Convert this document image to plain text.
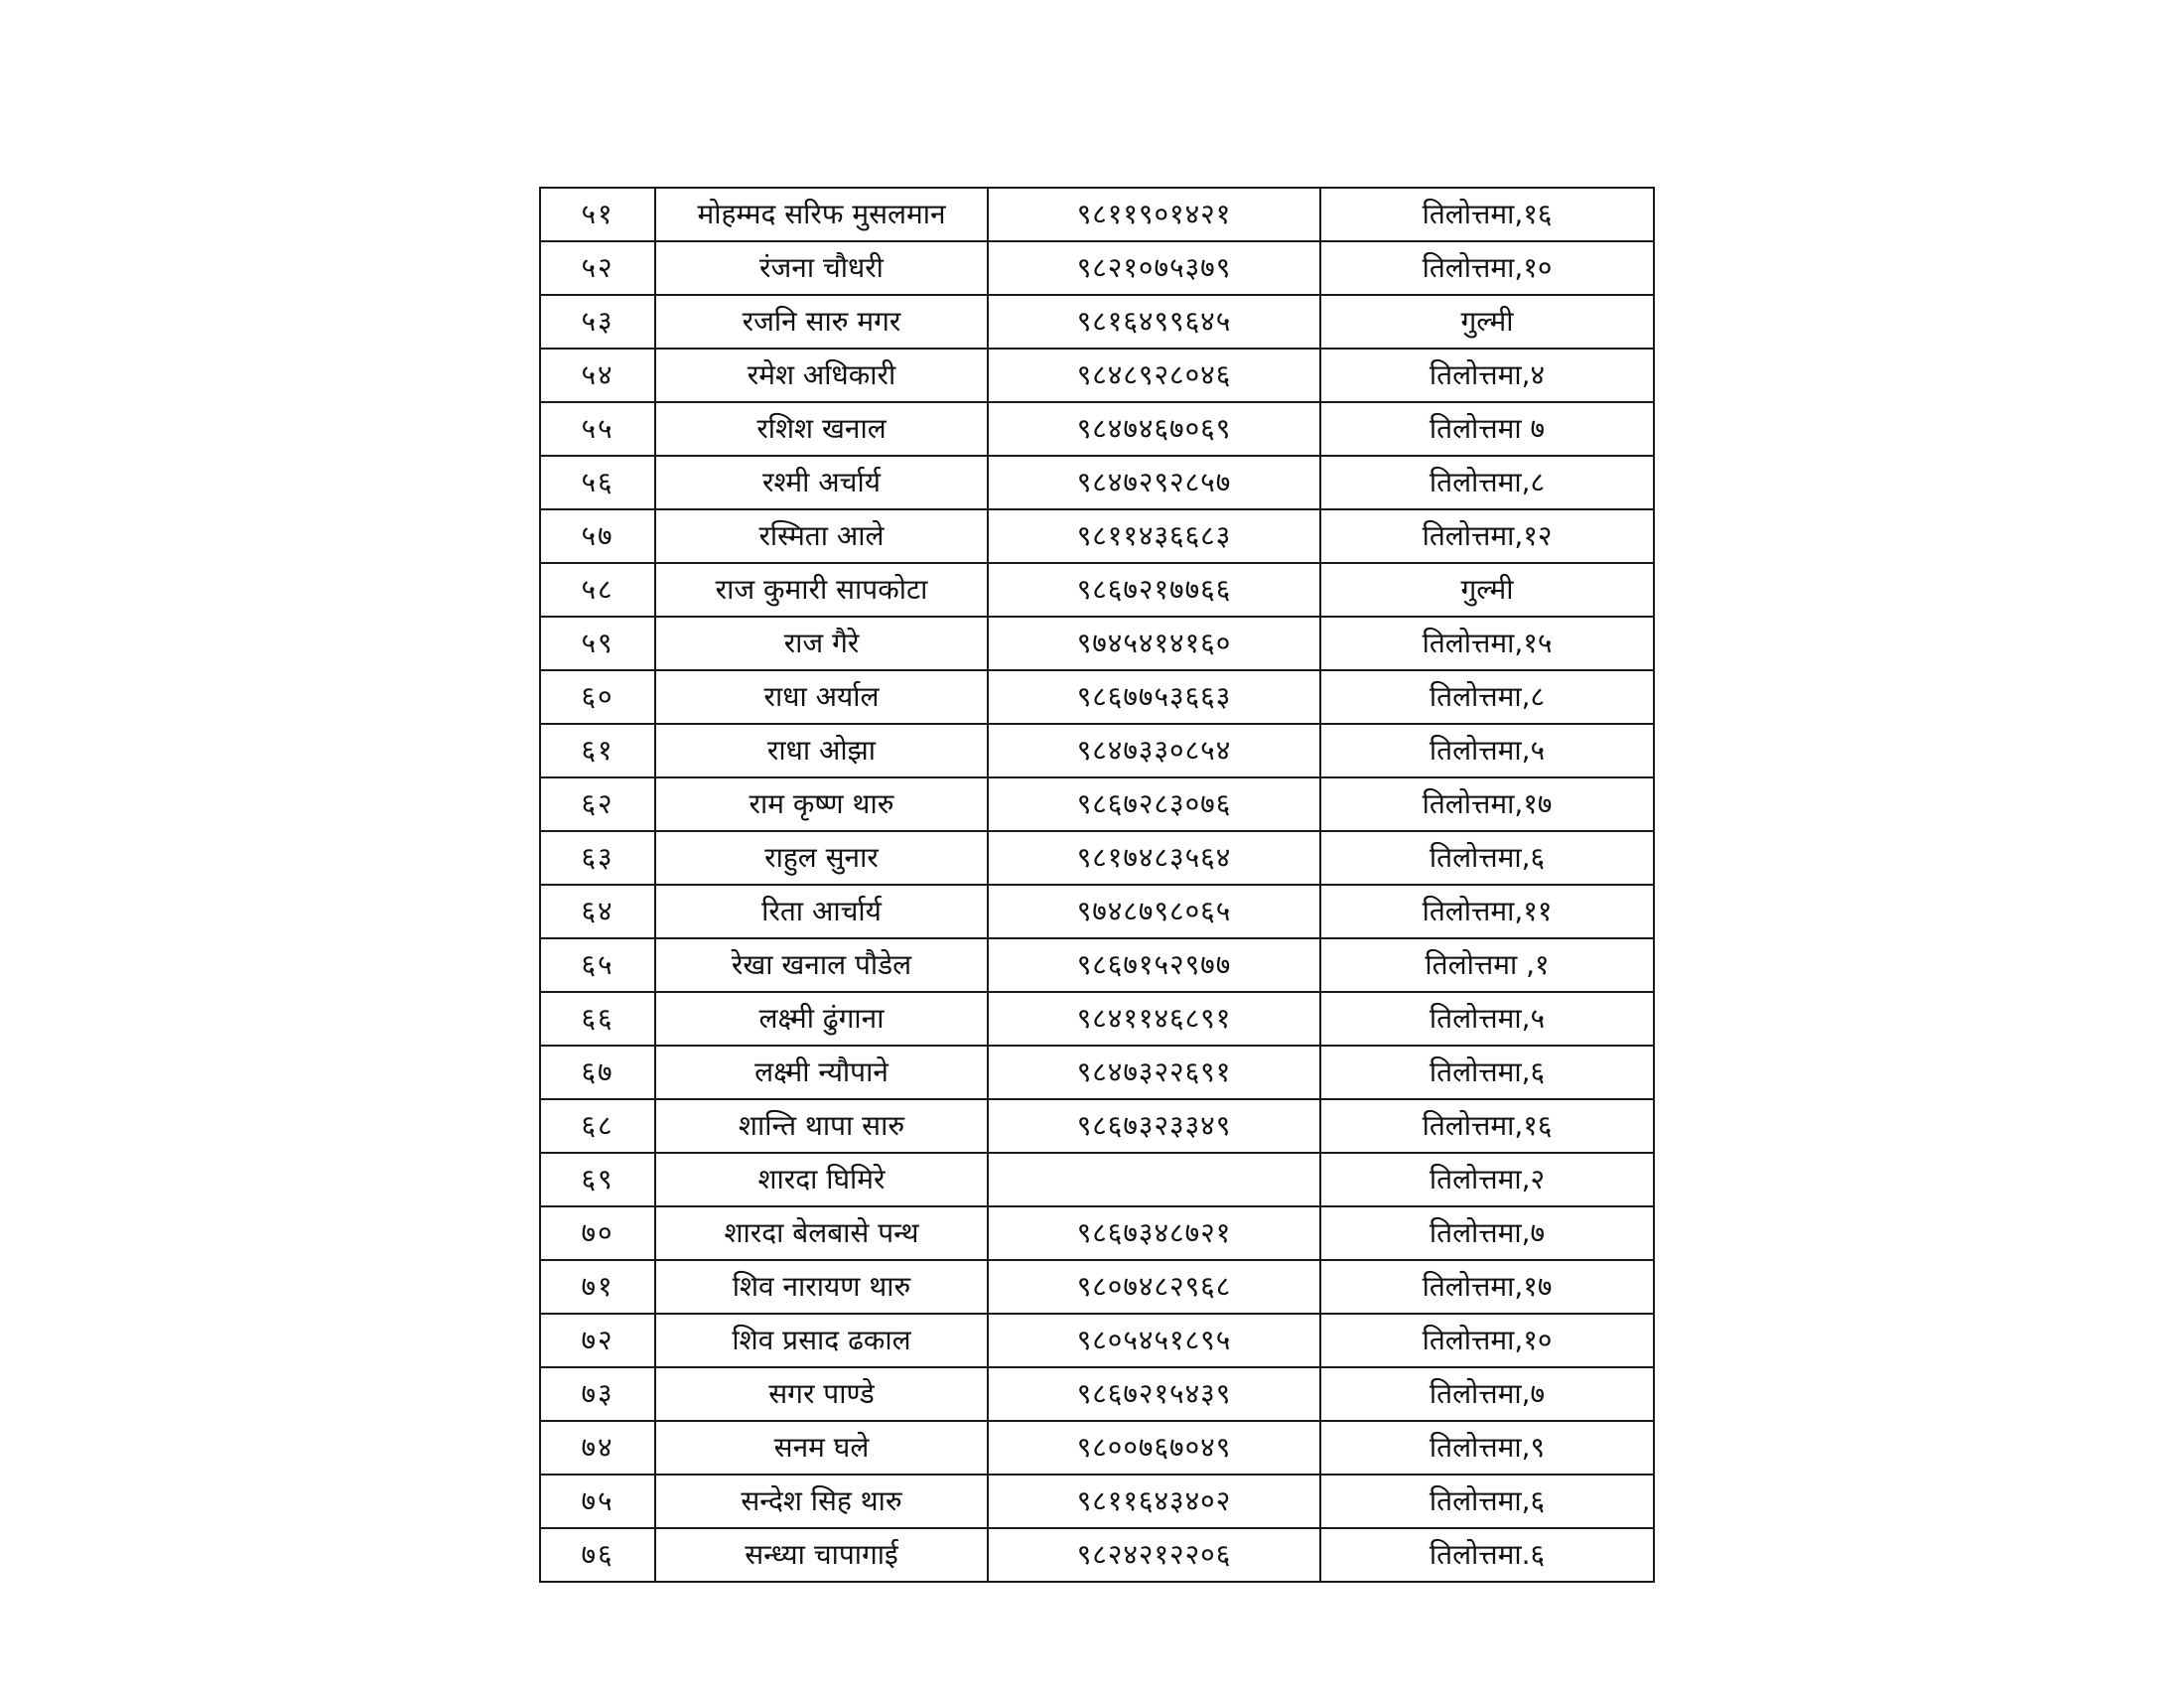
५१	मोहम्मद सरिफ मुसलमान	९८११९०१४२१	तिलोत्तमा,१६
५२	रंजना चौधरी	९८२१०७५३७९	तिलोत्तमा,१०
५३	रजनि सारु मगर	९८१६४९९६४५	गुल्मी
५४	रमेश अधिकारी	९८४८९२८०४६	तिलोत्तमा,४
५५	रशिश खनाल	९८४७४६७०६९	तिलोत्तमा ७
५६	रश्मी अर्चार्य	९८४७२९२८५७	तिलोत्तमा,८
५७	रस्मिता आले	९८११४३६६८३	तिलोत्तमा,१२
५८	राज कुमारी सापकोटा	९८६७२१७७६६	गुल्मी
५९	राज गैरे	९७४५४१४१६०	तिलोत्तमा,१५
६०	राधा अर्याल	९८६७७५३६६३	तिलोत्तमा,८
६१	राधा ओझा	९८४७३३०८५४	तिलोत्तमा,५
६२	राम कृष्ण थारु	९८६७२८३०७६	तिलोत्तमा,१७
६३	राहुल सुनार	९८१७४८३५६४	तिलोत्तमा,६
६४	रिता आर्चार्य	९७४८७९८०६५	तिलोत्तमा,११
६५	रेखा खनाल पौडेल	९८६७१५२९७७	तिलोत्तमा ,१
६६	लक्ष्मी ढुंगाना	९८४११४६८९१	तिलोत्तमा,५
६७	लक्ष्मी न्यौपाने	९८४७३२२६९१	तिलोत्तमा,६
६८	शान्ति थापा सारु	९८६७३२३३४९	तिलोत्तमा,१६
६९	शारदा घिमिरे		तिलोत्तमा,२
७०	शारदा बेलबासे पन्थ	९८६७३४८७२१	तिलोत्तमा,७
७१	शिव नारायण थारु	९८०७४८२९६८	तिलोत्तमा,१७
७२	शिव प्रसाद ढकाल	९८०५४५१८९५	तिलोत्तमा,१०
७३	सगर पाण्डे	९८६७२१५४३९	तिलोत्तमा,७
७४	सनम घले	९८००७६७०४९	तिलोत्तमा,९
७५	सन्देश सिह थारु	९८११६४३४०२	तिलोत्तमा,६
७६	सन्ध्या चापागाई	९८२४२१२२०६	तिलोत्तमा.६
